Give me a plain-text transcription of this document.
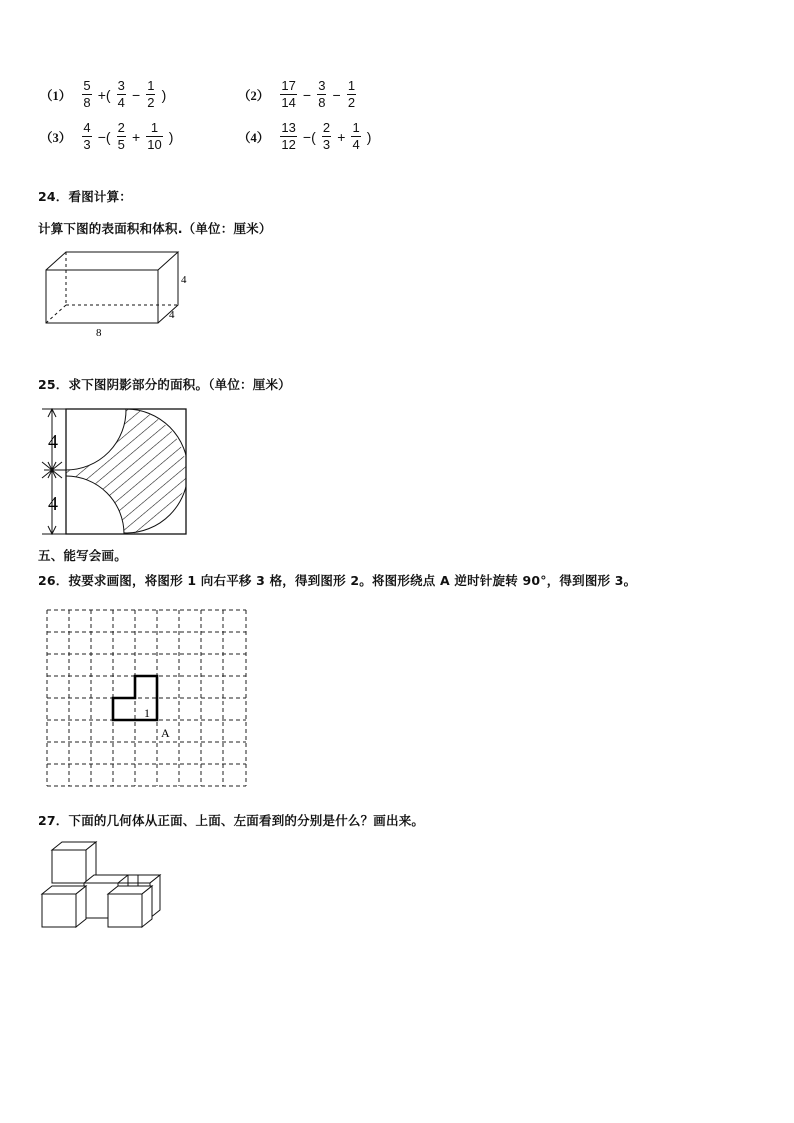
$(1) \frac{5}{8}$ +( $\frac{3}{4} - \frac{1}{2}$ )	$(2) \frac{17}{14} - \frac{3}{8} - \frac{1}{2}$

$(3) \frac{4}{3}$ −( $\frac{2}{5} + \frac{1}{10}$ )	$(4) \frac{13}{12}$ −( $\frac{2}{3} + \frac{1}{4}$ )
24．看图计算：
计算下图的表面积和体积.（单位：厘米）
4
4
8
25．求下图阴影部分的面积。（单位：厘米）
4
4
五、能写会画。
26．按要求画图，将图形 1 向右平移 3 格，得到图形 2。将图形绕点 A 逆时针旋转 90°，得到图形 3。
1
A
27．下面的几何体从正面、上面、左面看到的分别是什么？画出来。
